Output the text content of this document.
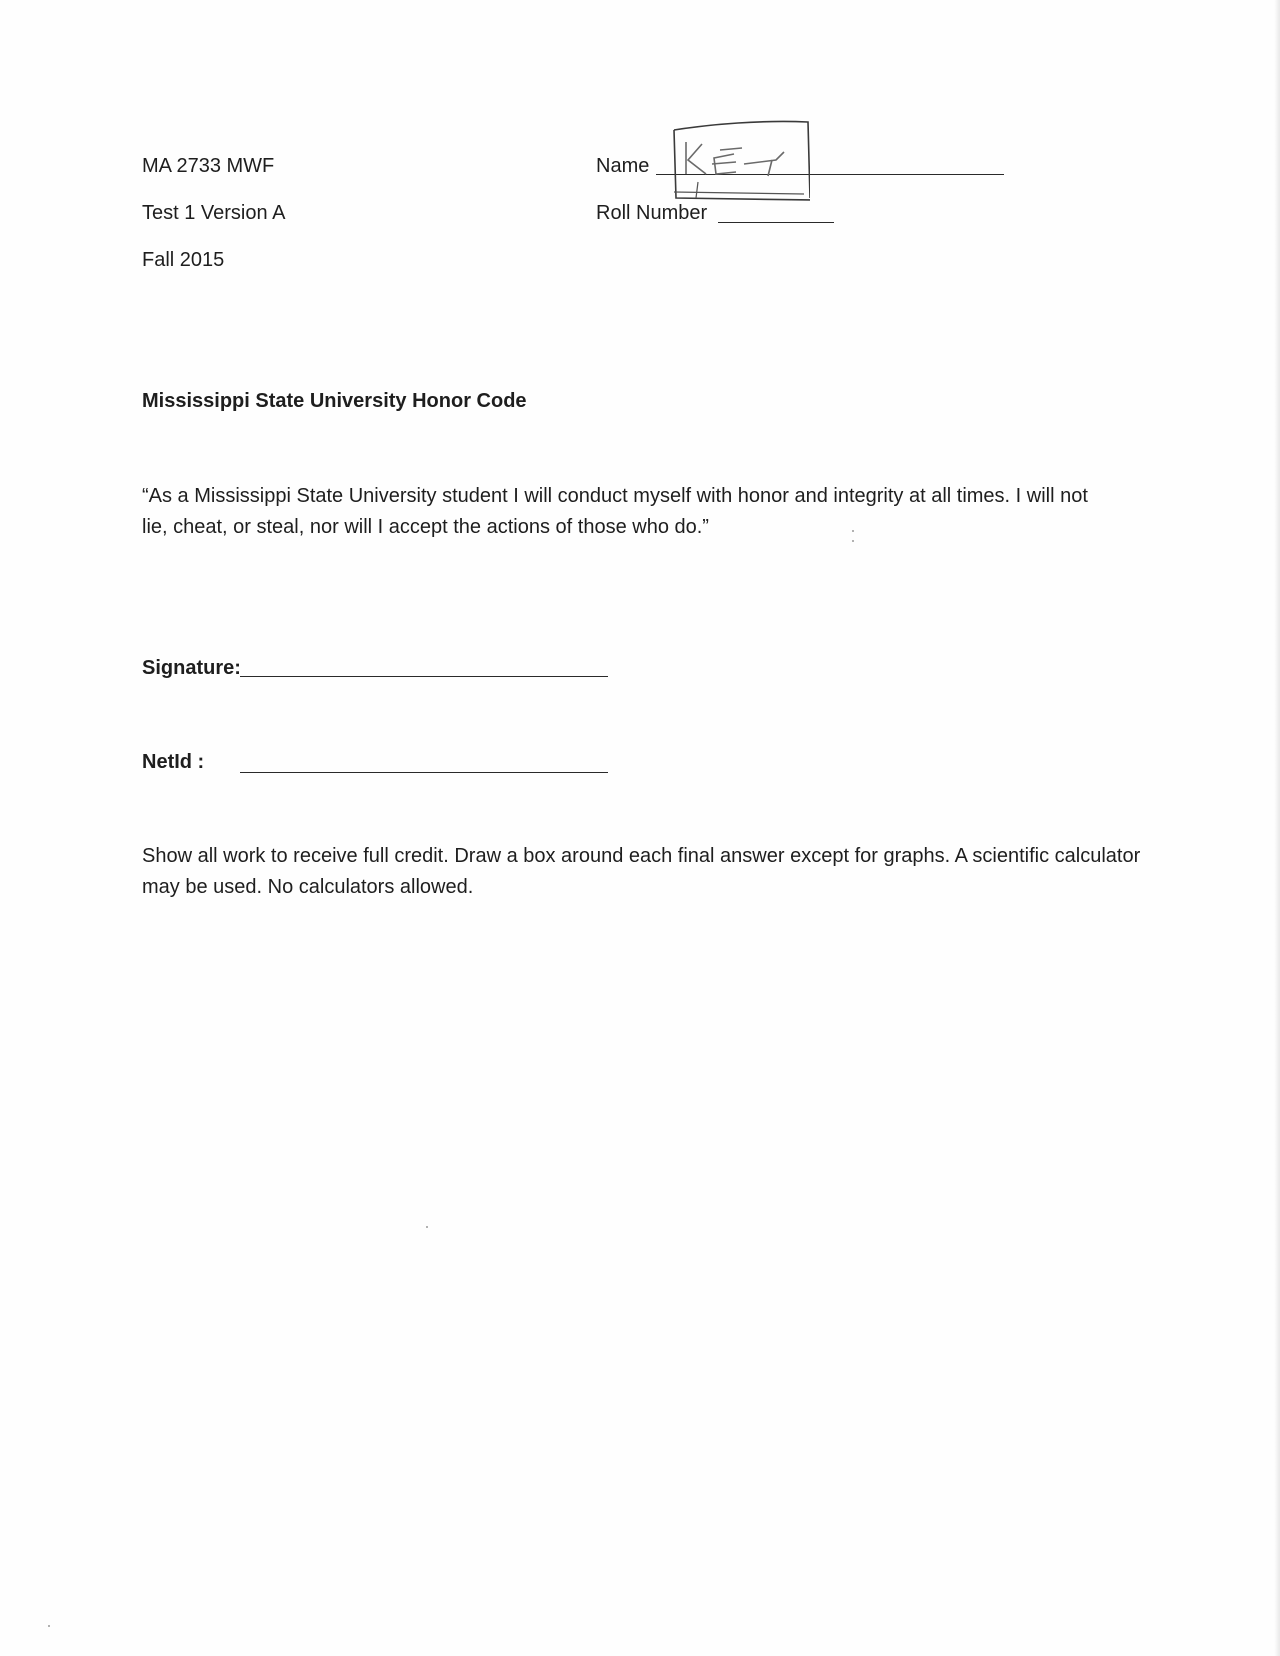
MA 2733 MWF
Test 1 Version A
Fall 2015
Name
Roll Number
Mississippi State University Honor Code
“As a Mississippi State University student I will conduct myself with honor and integrity at all times. I will not lie, cheat, or steal, nor will I accept the actions of those who do.”
Signature:
NetId :
Show all work to receive full credit. Draw a box around each final answer except for graphs. A scientific calculator may be used. No calculators allowed.
